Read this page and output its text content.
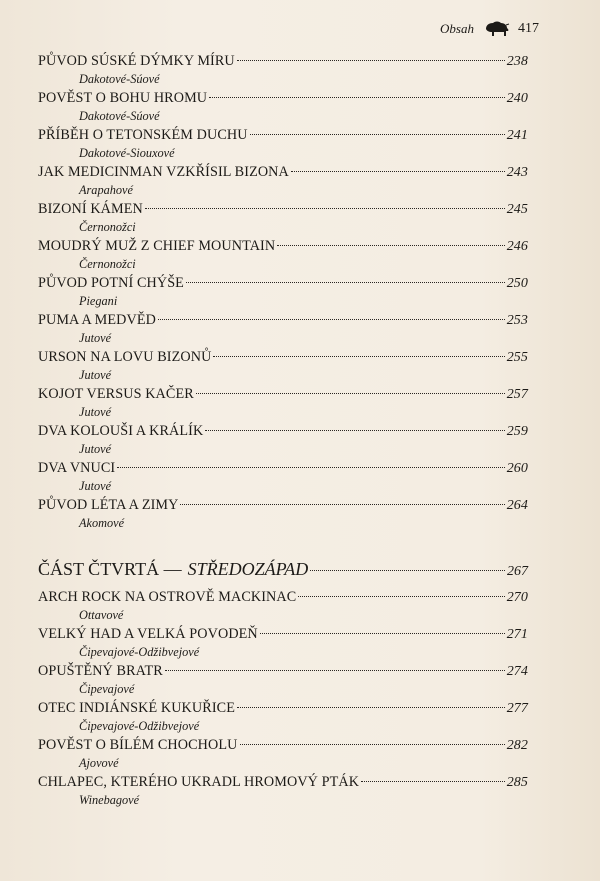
Obsah	417
PŮVOD SÚSKÉ DÝMKY MÍRU	238
Dakotové-Súové
POVĚST O BOHU HROMU	240
Dakotové-Súové
PŘÍBĚH O TETONSKÉM DUCHU	241
Dakotové-Siouxové
JAK MEDICINMAN VZKŘÍSIL BIZONA	243
Arapahové
BIZONÍ KÁMEN	245
Černonožci
MOUDRÝ MUŽ Z CHIEF MOUNTAIN	246
Černonožci
PŮVOD POTNÍ CHÝŠE	250
Piegani
PUMA A MEDVĚD	253
Jutové
URSON NA LOVU BIZONŮ	255
Jutové
KOJOT VERSUS KAČER	257
Jutové
DVA KOLOUŠI A KRÁLÍK	259
Jutové
DVA VNUCI	260
Jutové
PŮVOD LÉTA A ZIMY	264
Akomové
ČÁST ČTVRTÁ — STŘEDOZÁPAD	267
ARCH ROCK NA OSTROVĚ MACKINAC	270
Ottavové
VELKÝ HAD A VELKÁ POVODEŇ	271
Čipevajové-Odžibvejové
OPUŠTĚNÝ BRATR	274
Čipevajové
OTEC INDIÁNSKÉ KUKUŘICE	277
Čipevajové-Odžibvejové
POVĚST O BÍLÉM CHOCHOLU	282
Ajovové
CHLAPEC, KTERÉHO UKRADL HROMOVÝ PTÁK	285
Winebagové
